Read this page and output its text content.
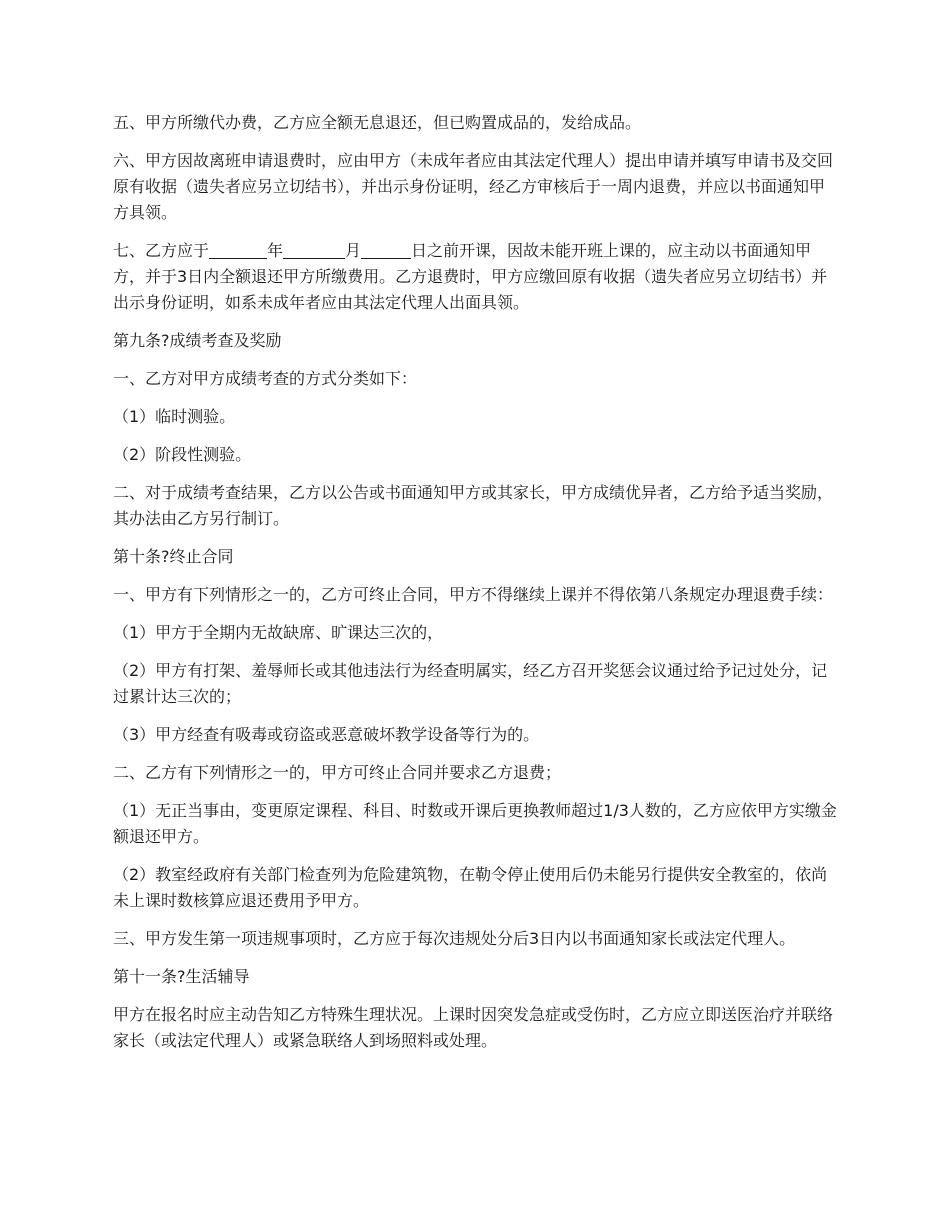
五、甲方所缴代办费，乙方应全额无息退还，但已购置成品的，发给成品。

六、甲方因故离班申请退费时，应由甲方（未成年者应由其法定代理人）提出申请并填写申请书及交回原有收据（遗失者应另立切结书），并出示身份证明，经乙方审核后于一周内退费，并应以书面通知甲方具领。

七、乙方应于	年	月	日之前开课，因故未能开班上课的，应主动以书面通知甲方，并于3日内全额退还甲方所缴费用。乙方退费时，甲方应缴回原有收据（遗失者应另立切结书）并出示身份证明，如系未成年者应由其法定代理人出面具领。

第九条?成绩考查及奖励

一、乙方对甲方成绩考查的方式分类如下：

（1）临时测验。

（2）阶段性测验。

二、对于成绩考查结果，乙方以公告或书面通知甲方或其家长，甲方成绩优异者，乙方给予适当奖励，其办法由乙方另行制订。

第十条?终止合同

一、甲方有下列情形之一的，乙方可终止合同，甲方不得继续上课并不得依第八条规定办理退费手续：

（1）甲方于全期内无故缺席、旷课达三次的，

（2）甲方有打架、羞辱师长或其他违法行为经查明属实，经乙方召开奖惩会议通过给予记过处分，记过累计达三次的；

（3）甲方经查有吸毒或窃盗或恶意破坏教学设备等行为的。

二、乙方有下列情形之一的，甲方可终止合同并要求乙方退费；

（1）无正当事由，变更原定课程、科目、时数或开课后更换教师超过1/3人数的，乙方应依甲方实缴金额退还甲方。

（2）教室经政府有关部门检查列为危险建筑物，在勒令停止使用后仍未能另行提供安全教室的，依尚未上课时数核算应退还费用予甲方。

三、甲方发生第一项违规事项时，乙方应于每次违规处分后3日内以书面通知家长或法定代理人。

第十一条?生活辅导

甲方在报名时应主动告知乙方特殊生理状况。上课时因突发急症或受伤时，乙方应立即送医治疗并联络家长（或法定代理人）或紧急联络人到场照料或处理。
